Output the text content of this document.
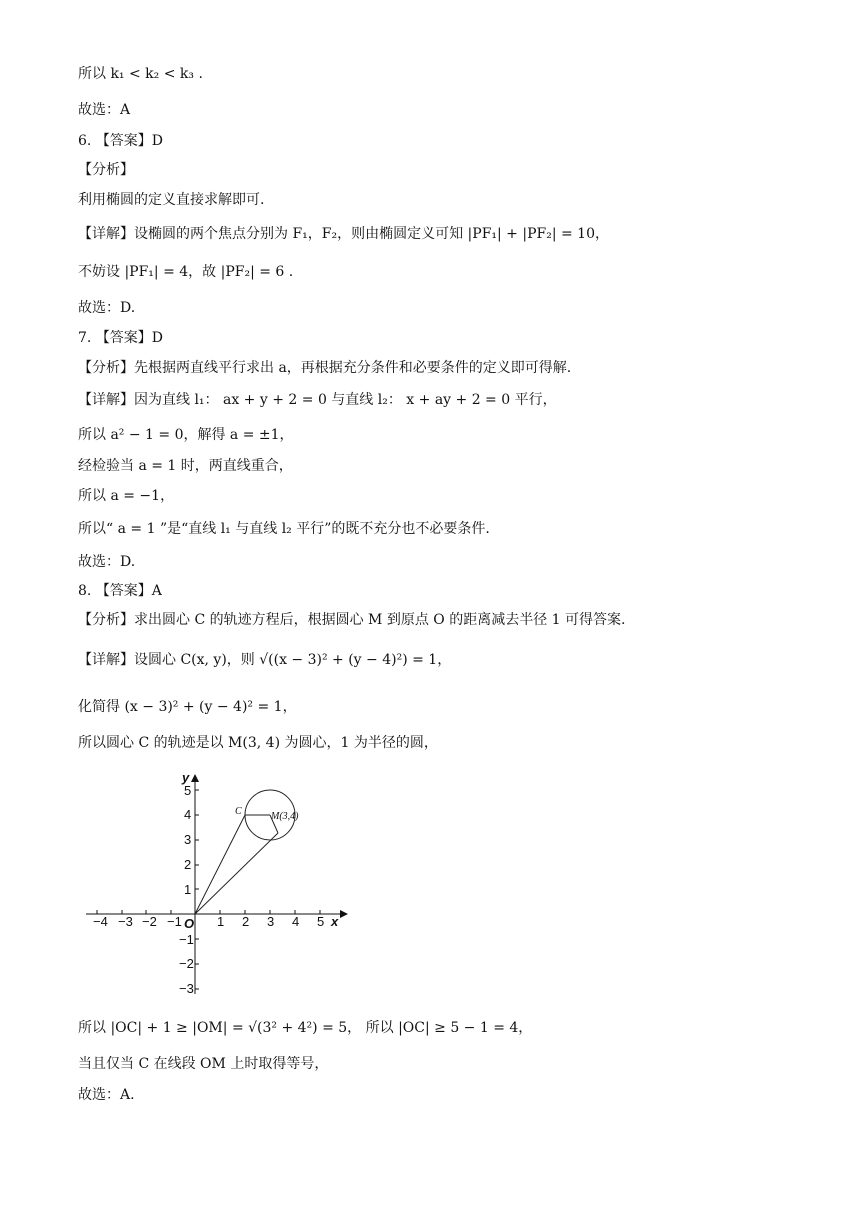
所以 k₁ < k₂ < k₃ .
故选：A
6. 【答案】D
【分析】
利用椭圆的定义直接求解即可.
【详解】设椭圆的两个焦点分别为 F₁，F₂，则由椭圆定义可知 |PF₁| + |PF₂| = 10，
不妨设 |PF₁| = 4，故 |PF₂| = 6 .
故选：D.
7. 【答案】D
【分析】先根据两直线平行求出 a，再根据充分条件和必要条件的定义即可得解.
【详解】因为直线 l₁： ax + y + 2 = 0 与直线 l₂： x + ay + 2 = 0 平行，
所以 a² − 1 = 0，解得 a = ±1，
经检验当 a = 1 时，两直线重合，
所以 a = −1，
所以“ a = 1 ”是“直线 l₁ 与直线 l₂ 平行”的既不充分也不必要条件.
故选：D.
8. 【答案】A
【分析】求出圆心 C 的轨迹方程后，根据圆心 M 到原点 O 的距离减去半径 1 可得答案.
【详解】设圆心 C(x, y)，则 √((x − 3)² + (y − 4)²) = 1，
化简得 (x − 3)² + (y − 4)² = 1，
所以圆心 C 的轨迹是以 M(3, 4) 为圆心，1 为半径的圆，
x
y
O
−4 −3 −2 −1	1 2 3 4 5
5
4
3
2
1
−1
−2
−3
C	M(3,4)
所以 |OC| + 1 ≥ |OM| = √(3² + 4²) = 5， 所以 |OC| ≥ 5 − 1 = 4，
当且仅当 C 在线段 OM 上时取得等号，
故选：A.
